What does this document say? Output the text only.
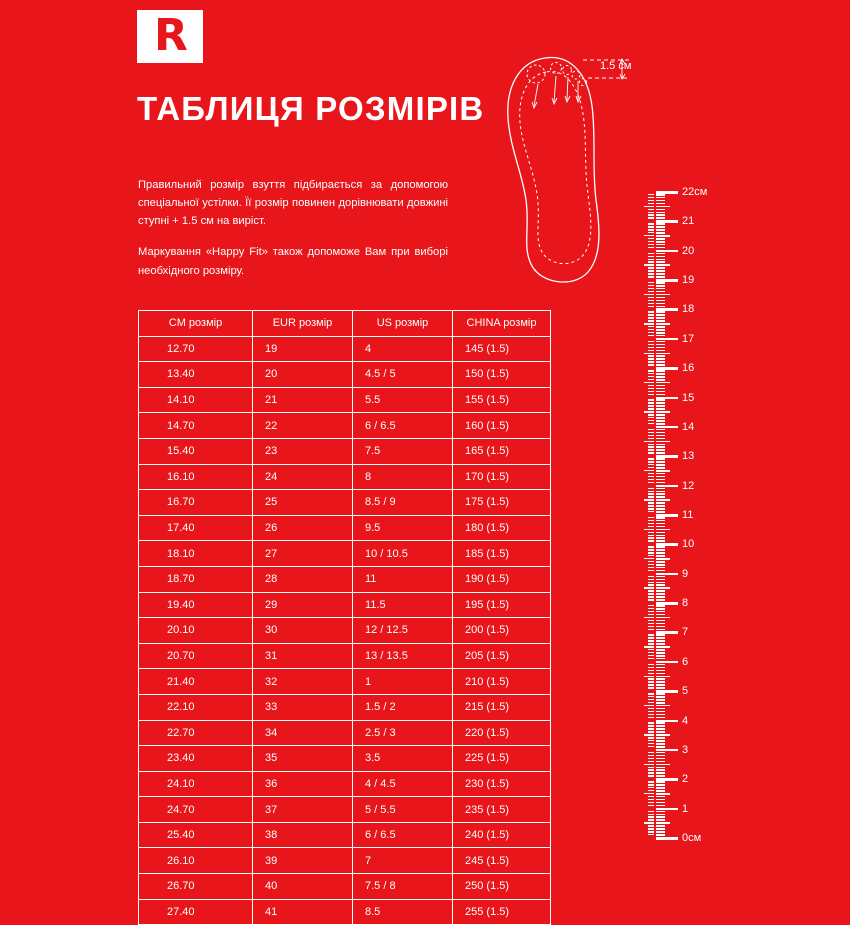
R
ТАБЛИЦЯ РОЗМІРІВ

Правильний розмір взуття підбирається за допомогою спеціальної устілки. Її розмір повинен дорівнювати довжині ступні + 1.5 см на виріст.

Маркування «Happy Fit» також допоможе Вам при виборі необхідного розміру.

1.5 см
CM розмір	EUR розмір	US розмір	CHINA розмір
12.70	19	4	145 (1.5)
13.40	20	4.5 / 5	150 (1.5)
14.10	21	5.5	155 (1.5)
14.70	22	6 / 6.5	160 (1.5)
15.40	23	7.5	165 (1.5)
16.10	24	8	170 (1.5)
16.70	25	8.5 / 9	175 (1.5)
17.40	26	9.5	180 (1.5)
18.10	27	10 / 10.5	185 (1.5)
18.70	28	11	190 (1.5)
19.40	29	11.5	195 (1.5)
20.10	30	12 / 12.5	200 (1.5)
20.70	31	13 / 13.5	205 (1.5)
21.40	32	1	210 (1.5)
22.10	33	1.5 / 2	215 (1.5)
22.70	34	2.5 / 3	220 (1.5)
23.40	35	3.5	225 (1.5)
24.10	36	4 / 4.5	230 (1.5)
24.70	37	5 / 5.5	235 (1.5)
25.40	38	6 / 6.5	240 (1.5)
26.10	39	7	245 (1.5)
26.70	40	7.5 / 8	250 (1.5)
27.40	41	8.5	255 (1.5)
22см
21
20
19
18
17
16
15
14
13
12
11
10
9
8
7
6
5
4
3
2
1
0см
